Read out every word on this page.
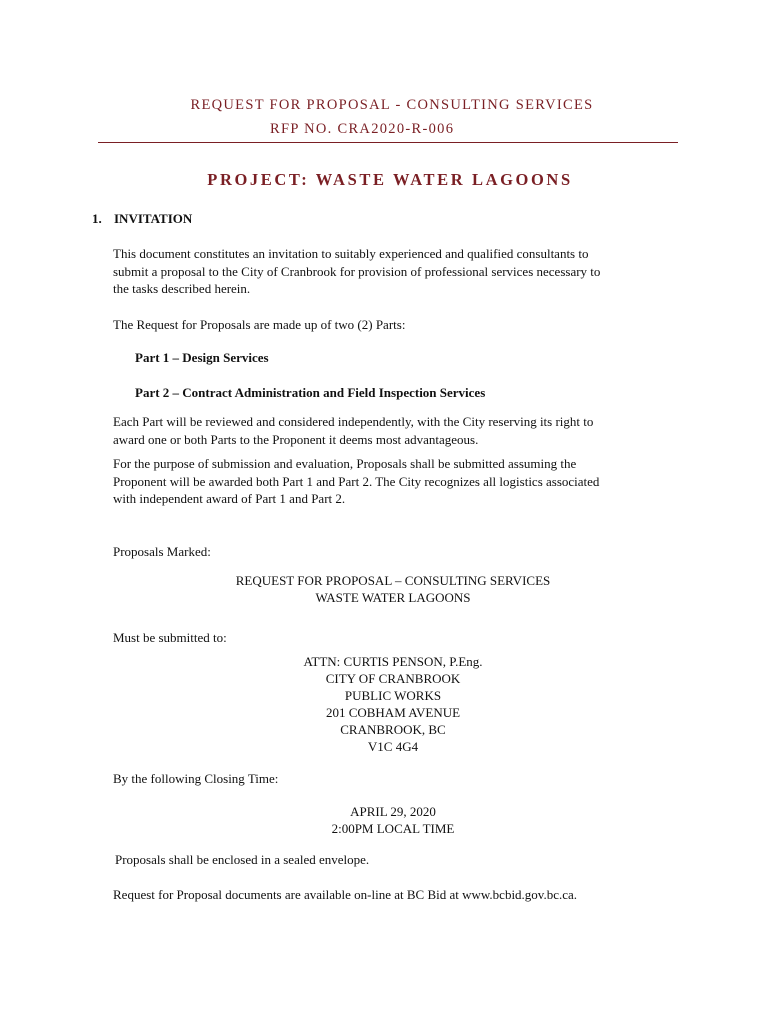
REQUEST FOR PROPOSAL - CONSULTING SERVICES
RFP NO. CRA2020-R-006
PROJECT: WASTE WATER LAGOONS
1. INVITATION
This document constitutes an invitation to suitably experienced and qualified consultants to
submit a proposal to the City of Cranbrook for provision of professional services necessary to
the tasks described herein.
The Request for Proposals are made up of two (2) Parts:
Part 1 – Design Services
Part 2 – Contract Administration and Field Inspection Services
Each Part will be reviewed and considered independently, with the City reserving its right to
award one or both Parts to the Proponent it deems most advantageous.
For the purpose of submission and evaluation, Proposals shall be submitted assuming the
Proponent will be awarded both Part 1 and Part 2. The City recognizes all logistics associated
with independent award of Part 1 and Part 2.
Proposals Marked:
REQUEST FOR PROPOSAL – CONSULTING SERVICES
WASTE WATER LAGOONS
Must be submitted to:
ATTN: CURTIS PENSON, P.Eng.
CITY OF CRANBROOK
PUBLIC WORKS
201 COBHAM AVENUE
CRANBROOK, BC
V1C 4G4
By the following Closing Time:
APRIL 29, 2020
2:00PM LOCAL TIME
Proposals shall be enclosed in a sealed envelope.
Request for Proposal documents are available on-line at BC Bid at www.bcbid.gov.bc.ca.
